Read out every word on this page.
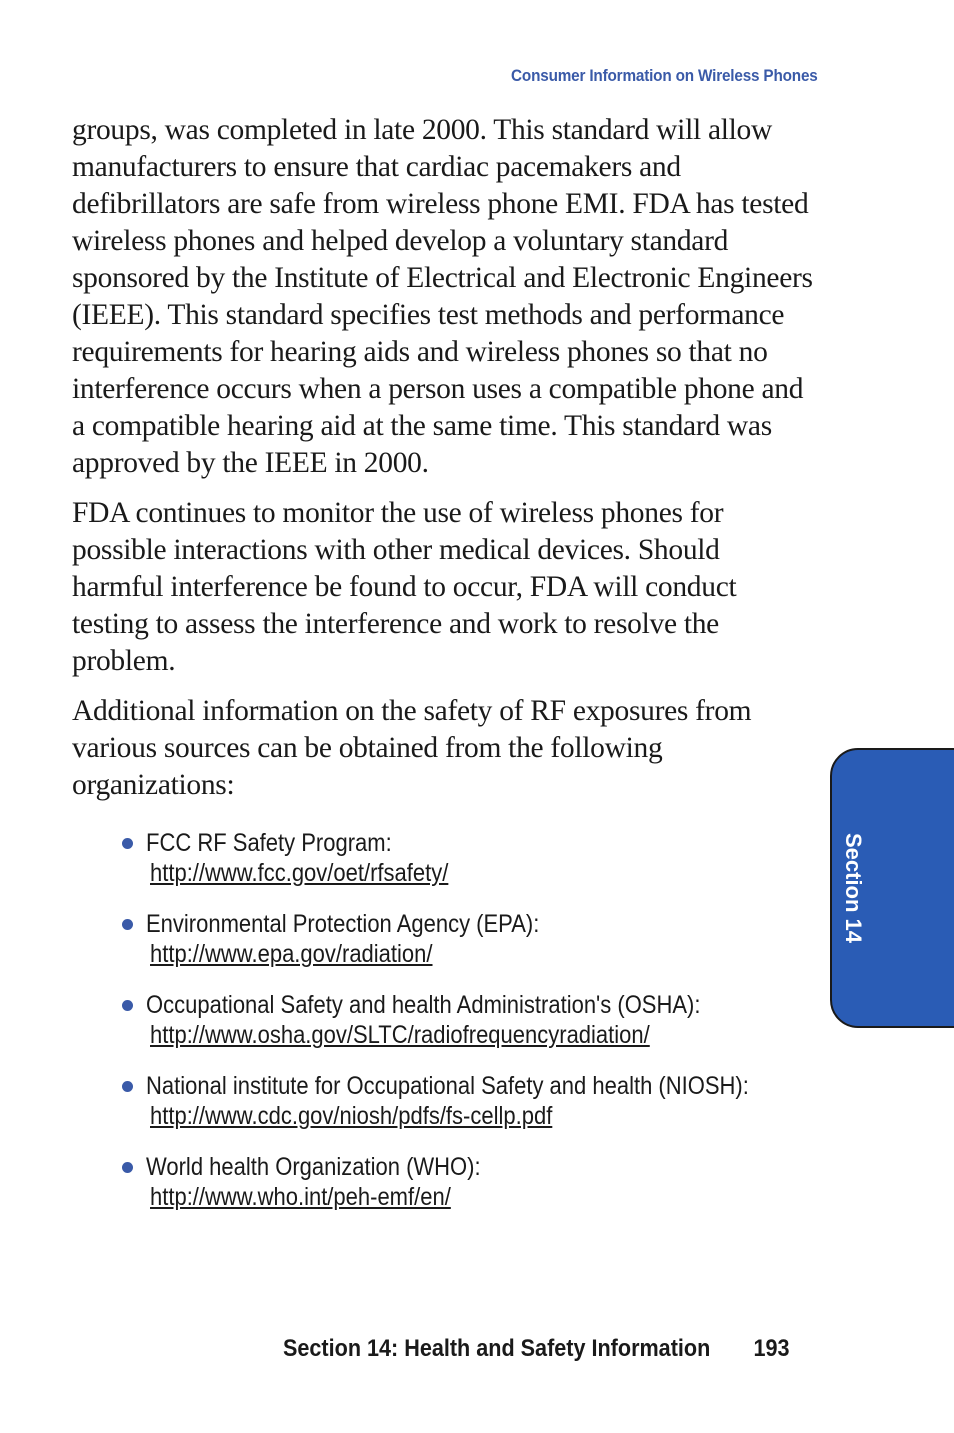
Consumer Information on Wireless Phones

groups, was completed in late 2000. This standard will allow manufacturers to ensure that cardiac pacemakers and defibrillators are safe from wireless phone EMI. FDA has tested wireless phones and helped develop a voluntary standard sponsored by the Institute of Electrical and Electronic Engineers (IEEE). This standard specifies test methods and performance requirements for hearing aids and wireless phones so that no interference occurs when a person uses a compatible phone and a compatible hearing aid at the same time. This standard was approved by the IEEE in 2000.

FDA continues to monitor the use of wireless phones for possible interactions with other medical devices. Should harmful interference be found to occur, FDA will conduct testing to assess the interference and work to resolve the problem.

Additional information on the safety of RF exposures from various sources can be obtained from the following organizations:

FCC RF Safety Program:
http://www.fcc.gov/oet/rfsafety/
Environmental Protection Agency (EPA):
http://www.epa.gov/radiation/
Occupational Safety and health Administration's (OSHA):
http://www.osha.gov/SLTC/radiofrequencyradiation/
National institute for Occupational Safety and health (NIOSH):
http://www.cdc.gov/niosh/pdfs/fs-cellp.pdf
World health Organization (WHO):
http://www.who.int/peh-emf/en/
Section 14
Section 14: Health and Safety Information 193
